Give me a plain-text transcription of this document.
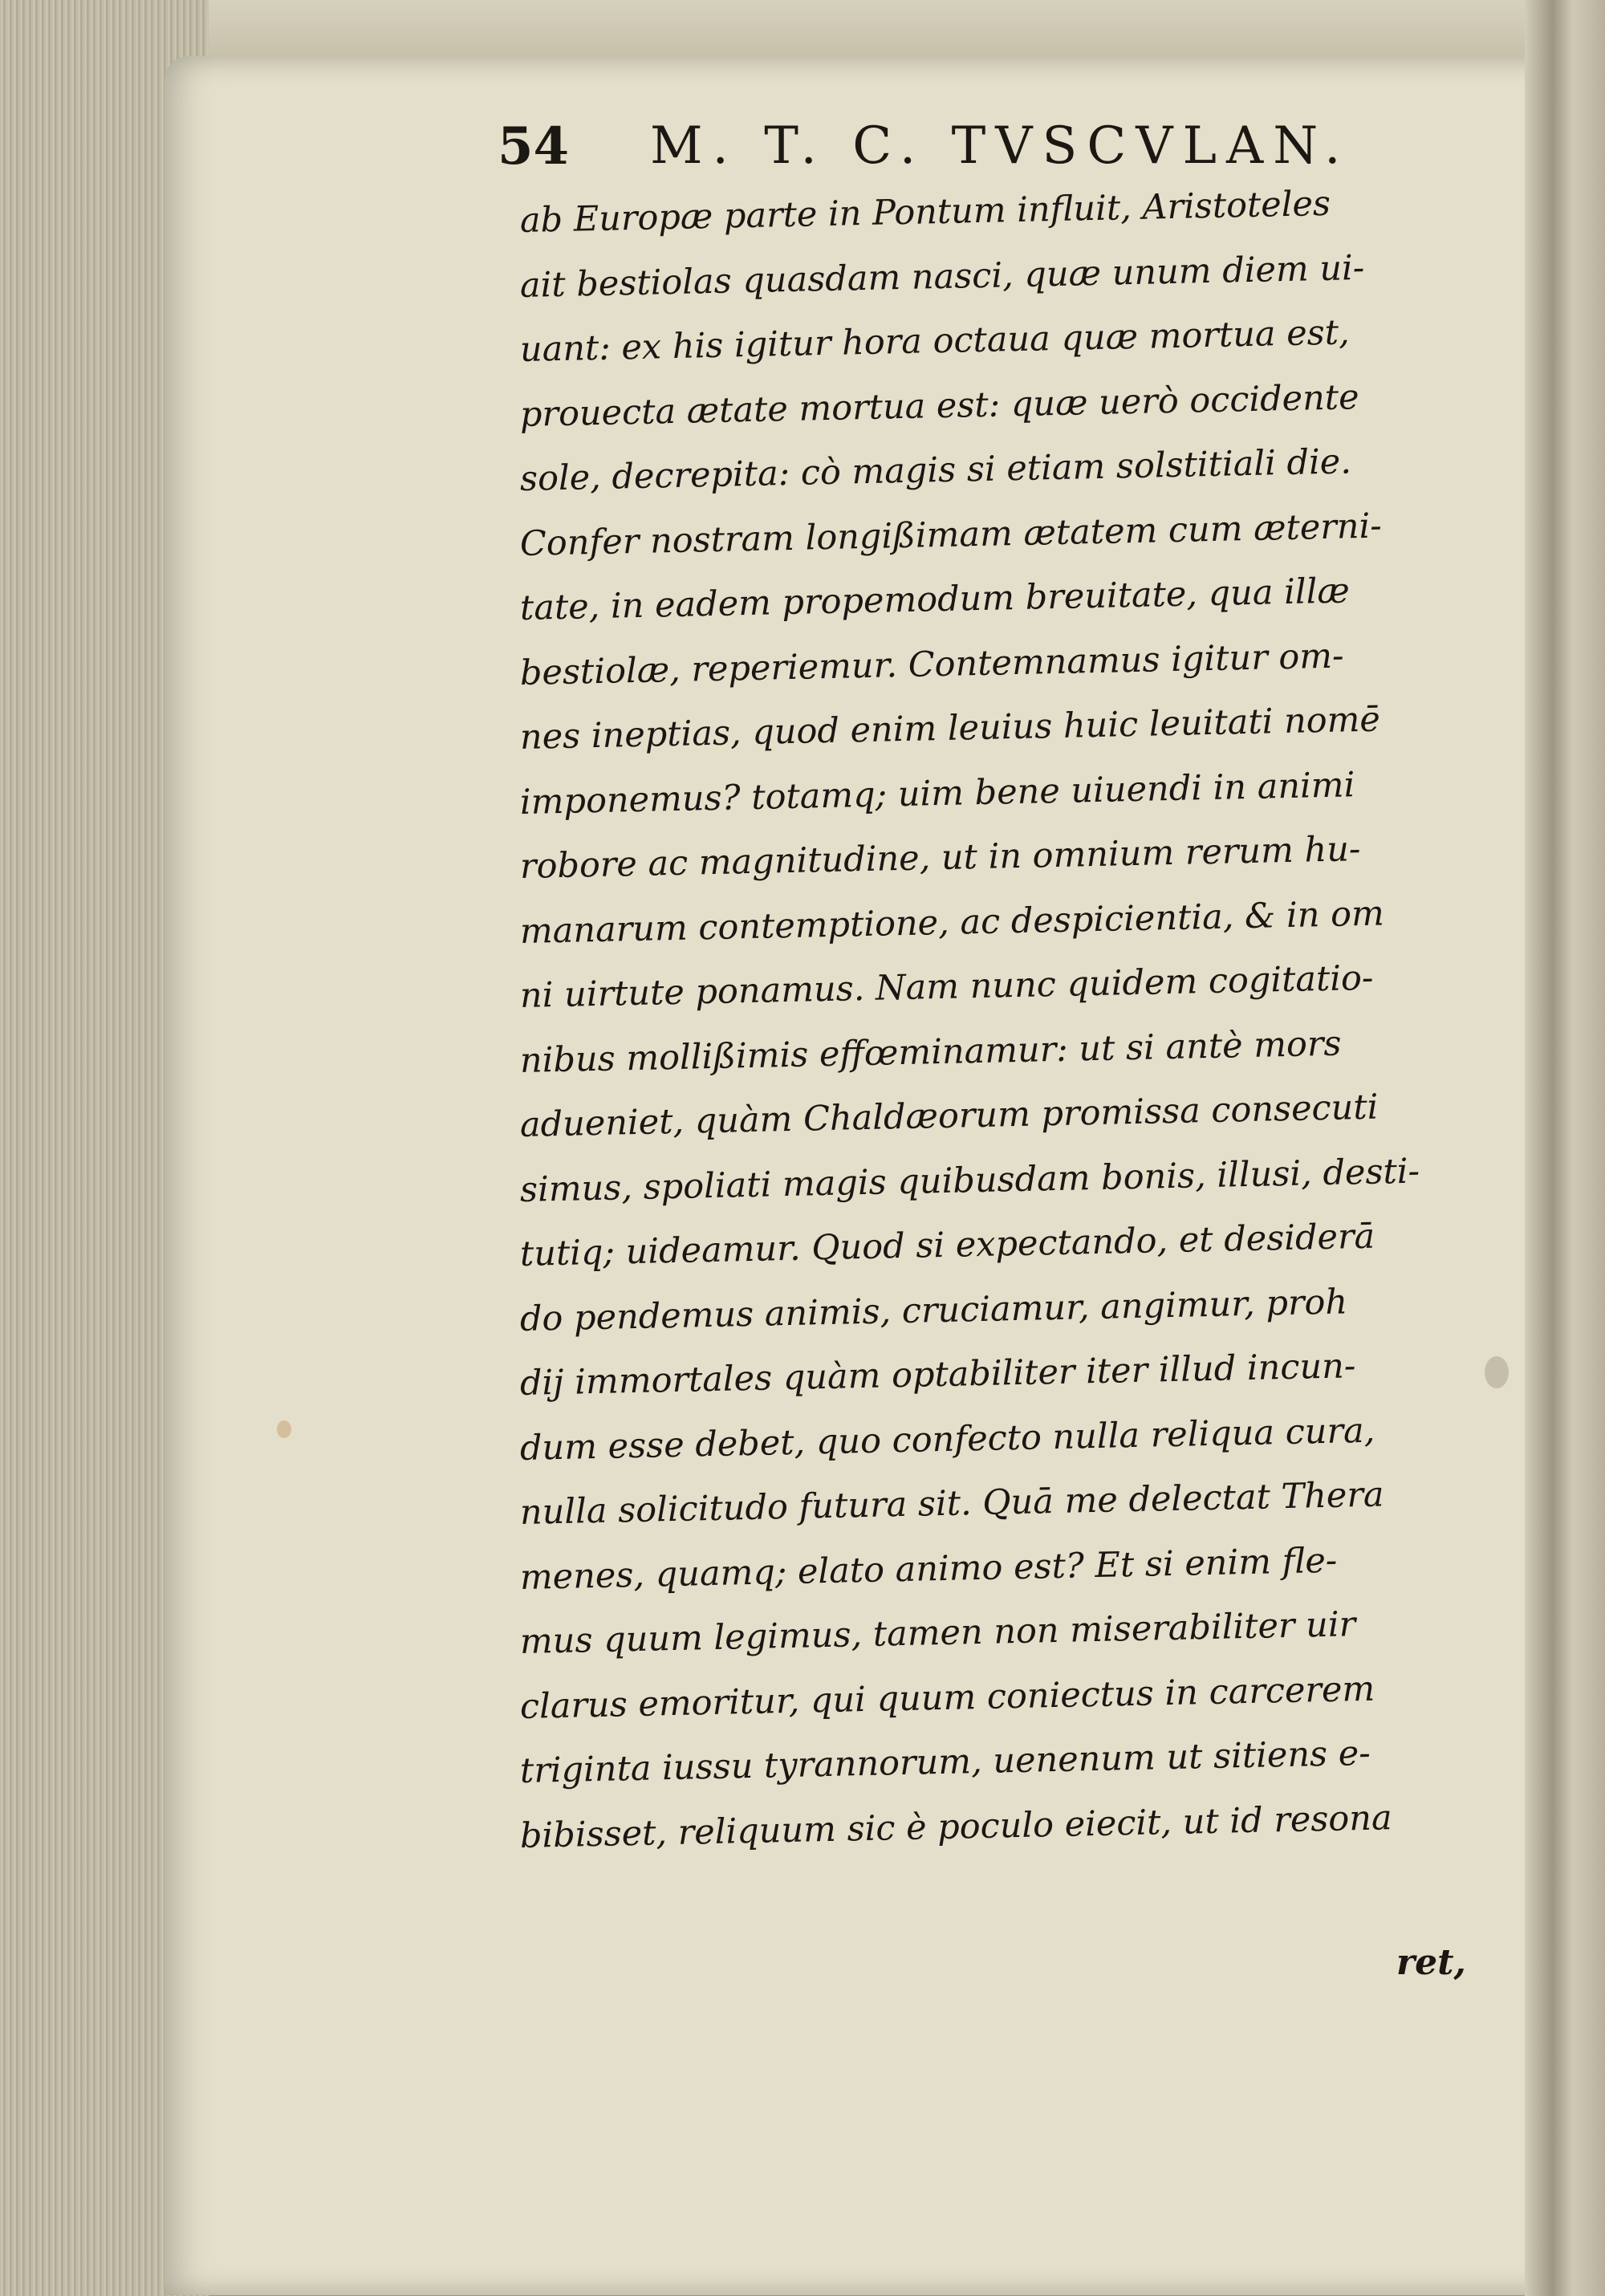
54 M. T. C. TVSCVLAN.
ab Europæ parte in Pontum influit, Aristoteles
ait bestiolas quasdam nasci, quæ unum diem ui-
uant: ex his igitur hora octaua quæ mortua est,
prouecta ætate mortua est: quæ uerò occidente
sole, decrepita: cò magis si etiam solstitiali die.
Confer nostram longißimam ætatem cum æterni-
tate, in eadem propemodum breuitate, qua illæ
bestiolæ, reperiemur. Contemnamus igitur om-
nes ineptias, quod enim leuius huic leuitati nomē
imponemus? totamq; uim bene uiuendi in animi
robore ac magnitudine, ut in omnium rerum hu-
manarum contemptione, ac despicientia, & in om
ni uirtute ponamus. Nam nunc quidem cogitatio-
nibus mollißimis effœminamur: ut si antè mors
adueniet, quàm Chaldæorum promissa consecuti
simus, spoliati magis quibusdam bonis, illusi, desti-
tutiq; uideamur. Quod si expectando, et desiderā
do pendemus animis, cruciamur, angimur, proh
dij immortales quàm optabiliter iter illud incun-
dum esse debet, quo confecto nulla reliqua cura,
nulla solicitudo futura sit. Quā me delectat Thera
menes, quamq; elato animo est? Et si enim fle-
mus quum legimus, tamen non miserabiliter uir
clarus emoritur, qui quum coniectus in carcerem
triginta iussu tyrannorum, uenenum ut sitiens e-
bibisset, reliquum sic è poculo eiecit, ut id resona
ret,
